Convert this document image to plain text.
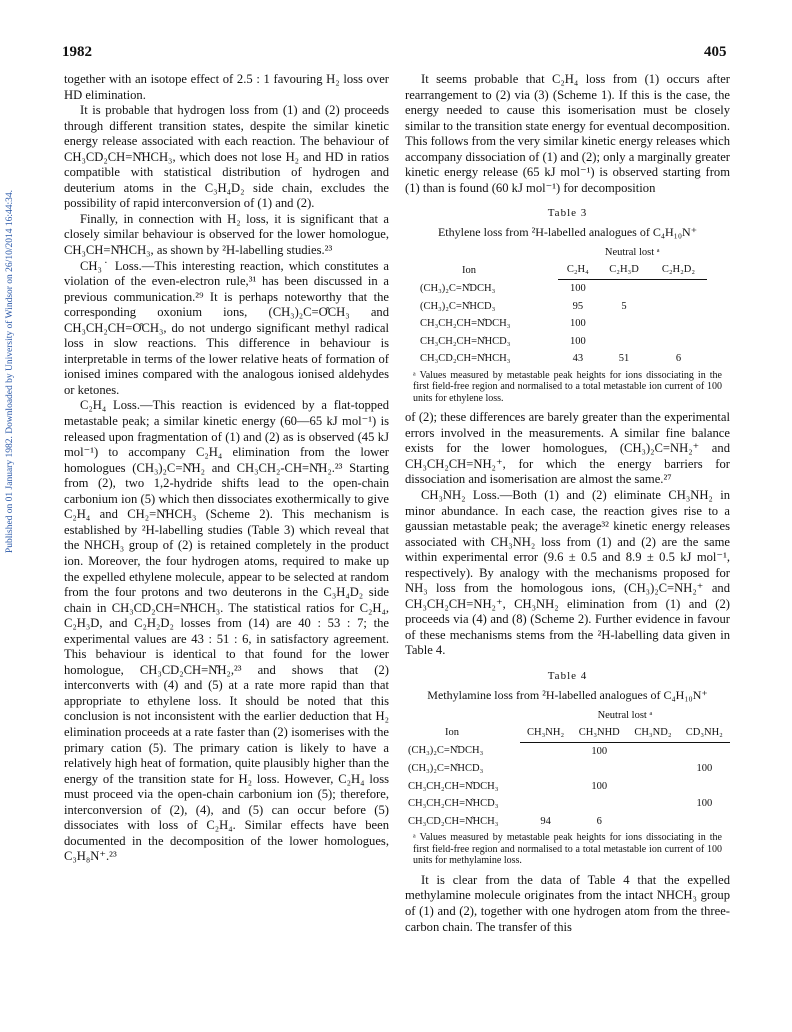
Published on 01 January 1982. Downloaded by University of Windsor on 26/10/2014 16:44:34.
1982	405

together with an isotope effect of 2.5 : 1 favouring H₂ loss over HD elimination.

It is probable that hydrogen loss from (1) and (2) proceeds through different transition states, despite the similar kinetic energy release associated with each reaction. The behaviour of CH₃CD₂CH=N̊HCH₃, which does not lose H₂ and HD in ratios compatible with statistical distribution of hydrogen and deuterium atoms in the C₃H₄D₂ side chain, excludes the possibility of rapid interconversion of (1) and (2).

Finally, in connection with H₂ loss, it is significant that a closely similar behaviour is observed for the lower homologue, CH₃CH=N̊HCH₃, as shown by ²H-labelling studies.²³

CH₃˙ Loss.—This interesting reaction, which constitutes a violation of the even-electron rule,³¹ has been discussed in a previous communication.²⁹ It is perhaps noteworthy that the corresponding oxonium ions, (CH₃)₂C=O̊CH₃ and CH₃CH₂CH=O̊CH₃, do not undergo significant methyl radical loss in slow reactions. This difference in behaviour is interpretable in terms of the lower relative heats of formation of ionised imines compared with the analogous ionised aldehydes or ketones.

C₂H₄ Loss.—This reaction is evidenced by a flat-topped metastable peak; a similar kinetic energy (60—65 kJ mol⁻¹) is released upon fragmentation of (1) and (2) as is observed (45 kJ mol⁻¹) to accompany C₂H₄ elimination from the lower homologues (CH₃)₂C=N̊H₂ and CH₃CH₂-CH=N̊H₂.²³ Starting from (2), two 1,2-hydride shifts lead to the open-chain carbonium ion (5) which then dissociates exothermically to give C₂H₄ and CH₂=N̊HCH₃ (Scheme 2). This mechanism is established by ²H-labelling studies (Table 3) which reveal that the NHCH₃ group of (2) is retained completely in the product ion. Moreover, the four hydrogen atoms, required to make up the expelled ethylene molecule, appear to be selected at random from the four protons and two deuterons in the C₃H₄D₂ side chain in CH₃CD₂CH=N̊HCH₃. The statistical ratios for C₂H₄, C₂H₃D, and C₂H₂D₂ losses from (14) are 40 : 53 : 7; the experimental values are 43 : 51 : 6, in satisfactory agreement. This behaviour is identical to that found for the lower homologue, CH₃CD₂CH=N̊H₂,²³ and shows that (2) interconverts with (4) and (5) at a rate more rapid than that appropriate to ethylene loss. It should be noted that this conclusion is not inconsistent with the earlier deduction that H₂ elimination proceeds at a rate faster than (2) isomerises with the primary cation (5). The primary cation is likely to have a relatively high heat of formation, quite plausibly higher than the energy of the transition state for H₂ loss. However, C₂H₄ loss must proceed via the open-chain carbonium ion (5); therefore, interconversion of (2), (4), and (5) can occur before (5) dissociates with loss of C₂H₄. Similar effects have been documented in the decomposition of the lower homologues, C₃H₈N⁺.²³

It seems probable that C₂H₄ loss from (1) occurs after rearrangement to (2) via (3) (Scheme 1). If this is the case, the energy needed to cause this isomerisation must be closely similar to the transition state energy for eventual decomposition. This follows from the very similar kinetic energy releases which accompany dissociation of (1) and (2); only a marginally greater kinetic energy release (65 kJ mol⁻¹) is observed starting from (1) than is found (60 kJ mol⁻¹) for decomposition

Table 3
Ethylene loss from ²H-labelled analogues of C₄H₁₀N⁺
	Neutral lost ᵃ		
Ion	C₂H₄	C₂H₃D	C₂H₂D₂
(CH₃)₂C=N̊DCH₃	100		
(CH₃)₂C=N̊HCD₃	95	5	
CH₃CH₂CH=N̊DCH₃	100		
CH₃CH₂CH=N̊HCD₃	100		
CH₃CD₂CH=N̊HCH₃	43	51	6
ᵃ Values measured by metastable peak heights for ions dissociating in the first field-free region and normalised to a total metastable ion current of 100 units for ethylene loss.

of (2); these differences are barely greater than the experimental errors involved in the measurements. A similar fine balance exists for the lower homologues, (CH₃)₂C=NH₂⁺ and CH₃CH₂CH=NH₂⁺, for which the energy barriers for dissociation and isomerisation are almost the same.²⁷

CH₃NH₂ Loss.—Both (1) and (2) eliminate CH₃NH₂ in minor abundance. In each case, the reaction gives rise to a gaussian metastable peak; the average³² kinetic energy releases associated with CH₃NH₂ loss from (1) and (2) are the same within experimental error (9.6 ± 0.5 and 8.9 ± 0.5 kJ mol⁻¹, respectively). By analogy with the mechanisms proposed for NH₃ loss from the homologous ions, (CH₃)₂C=NH₂⁺ and CH₃CH₂CH=NH₂⁺, CH₃NH₂ elimination from (1) and (2) proceeds via (4) and (8) (Scheme 2). Further evidence in favour of these mechanisms stems from the ²H-labelling data given in Table 4.

Table 4
Methylamine loss from ²H-labelled analogues of C₄H₁₀N⁺
	Neutral lost ᵃ			
Ion	CH₃NH₂	CH₃NHD	CH₃ND₂	CD₃NH₂
(CH₃)₂C=N̊DCH₃		100		
(CH₃)₂C=N̊HCD₃				100
CH₃CH₂CH=N̊DCH₃		100		
CH₃CH₂CH=N̊HCD₃				100
CH₃CD₂CH=N̊HCH₃	94	6		
ᵃ Values measured by metastable peak heights for ions dissociating in the first field-free region and normalised to a total metastable ion current of 100 units for methylamine loss.

It is clear from the data of Table 4 that the expelled methylamine molecule originates from the intact NHCH₃ group of (1) and (2), together with one hydrogen atom from the three-carbon chain. The transfer of this
